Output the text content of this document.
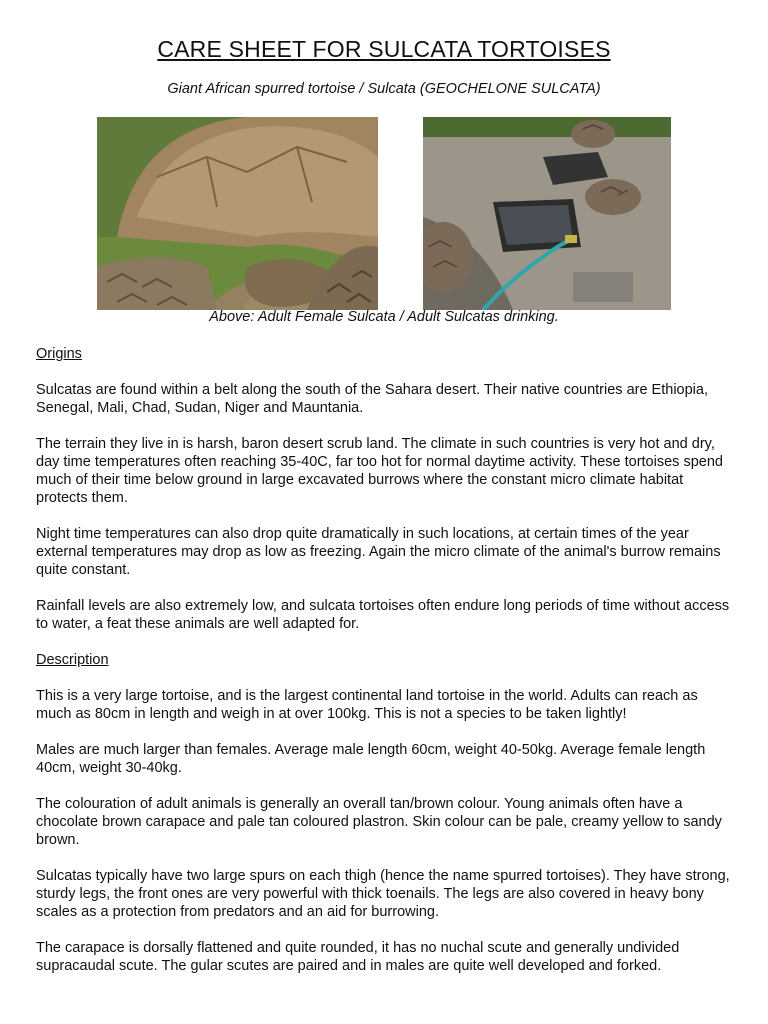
CARE SHEET FOR SULCATA TORTOISES
Giant African spurred tortoise / Sulcata (GEOCHELONE SULCATA)
Above: Adult Female Sulcata / Adult Sulcatas drinking.
Origins

Sulcatas are found within a belt along the south of the Sahara desert. Their native countries are Ethiopia, Senegal, Mali, Chad, Sudan, Niger and Mauntania.

The terrain they live in is harsh, baron desert scrub land. The climate in such countries is very hot and dry, day time temperatures often reaching 35-40C, far too hot for normal daytime activity. These tortoises spend much of their time below ground in large excavated burrows where the constant micro climate habitat protects them.

Night time temperatures can also drop quite dramatically in such locations, at certain times of the year external temperatures may drop as low as freezing. Again the micro climate of the animal's burrow remains quite constant.

Rainfall levels are also extremely low, and sulcata tortoises often endure long periods of time without access to water, a feat these animals are well adapted for.

Description

This is a very large tortoise, and is the largest continental land tortoise in the world. Adults can reach as much as 80cm in length and weigh in at over 100kg. This is not a species to be taken lightly!

Males are much larger than females. Average male length 60cm, weight 40-50kg. Average female length 40cm, weight 30-40kg.

The colouration of adult animals is generally an overall tan/brown colour. Young animals often have a chocolate brown carapace and pale tan coloured plastron. Skin colour can be pale, creamy yellow to sandy brown.

Sulcatas typically have two large spurs on each thigh (hence the name spurred tortoises). They have strong, sturdy legs, the front ones are very powerful with thick toenails. The legs are also covered in heavy bony scales as a protection from predators and an aid for burrowing.

The carapace is dorsally flattened and quite rounded, it has no nuchal scute and generally undivided supracaudal scute. The gular scutes are paired and in males are quite well developed and forked.
